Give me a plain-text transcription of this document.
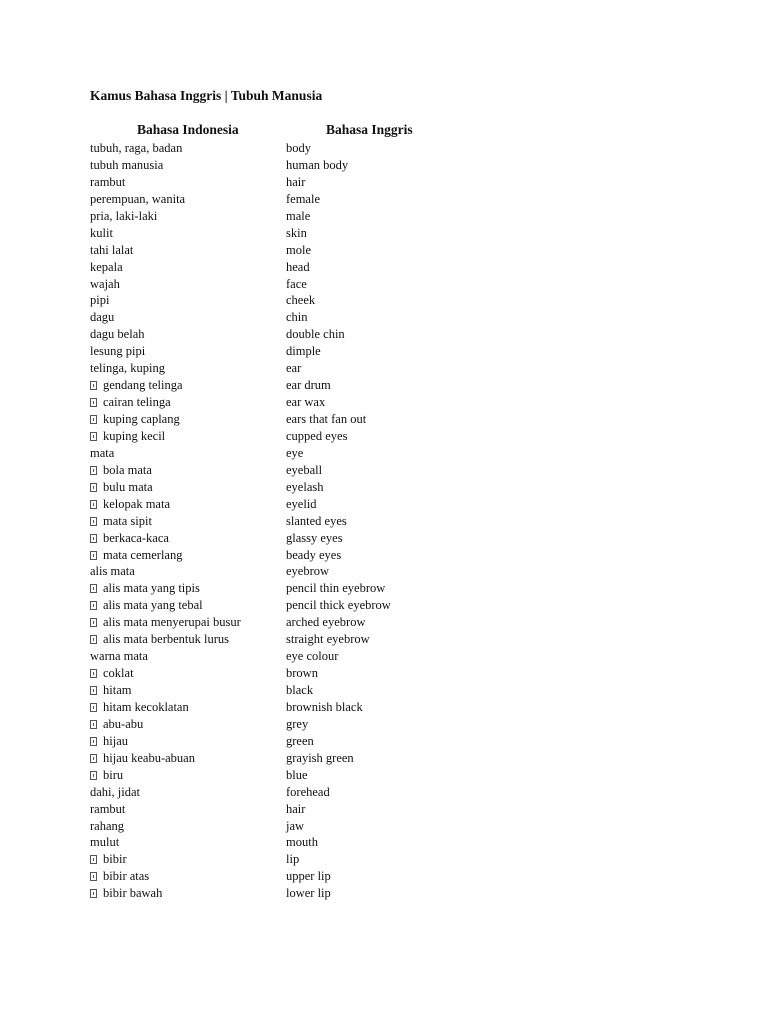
Kamus Bahasa Inggris | Tubuh Manusia
Bahasa Indonesia	Bahasa Inggris
tubuh, raga, badan	body
tubuh manusia	human body
rambut	hair
perempuan, wanita	female
pria, laki-laki	male
kulit	skin
tahi lalat	mole
kepala	head
wajah	face
pipi	cheek
dagu	chin
dagu belah	double chin
lesung pipi	dimple
telinga, kuping	ear
gendang telinga	ear drum
cairan telinga	ear wax
kuping caplang	ears that fan out
kuping kecil	cupped eyes
mata	eye
bola mata	eyeball
bulu mata	eyelash
kelopak mata	eyelid
mata sipit	slanted eyes
berkaca-kaca	glassy eyes
mata cemerlang	beady eyes
alis mata	eyebrow
alis mata yang tipis	pencil thin eyebrow
alis mata yang tebal	pencil thick eyebrow
alis mata menyerupai busur	arched eyebrow
alis mata berbentuk lurus	straight eyebrow
warna mata	eye colour
coklat	brown
hitam	black
hitam kecoklatan	brownish black
abu-abu	grey
hijau	green
hijau keabu-abuan	grayish green
biru	blue
dahi, jidat	forehead
rambut	hair
rahang	jaw
mulut	mouth
bibir	lip
bibir atas	upper lip
bibir bawah	lower lip
